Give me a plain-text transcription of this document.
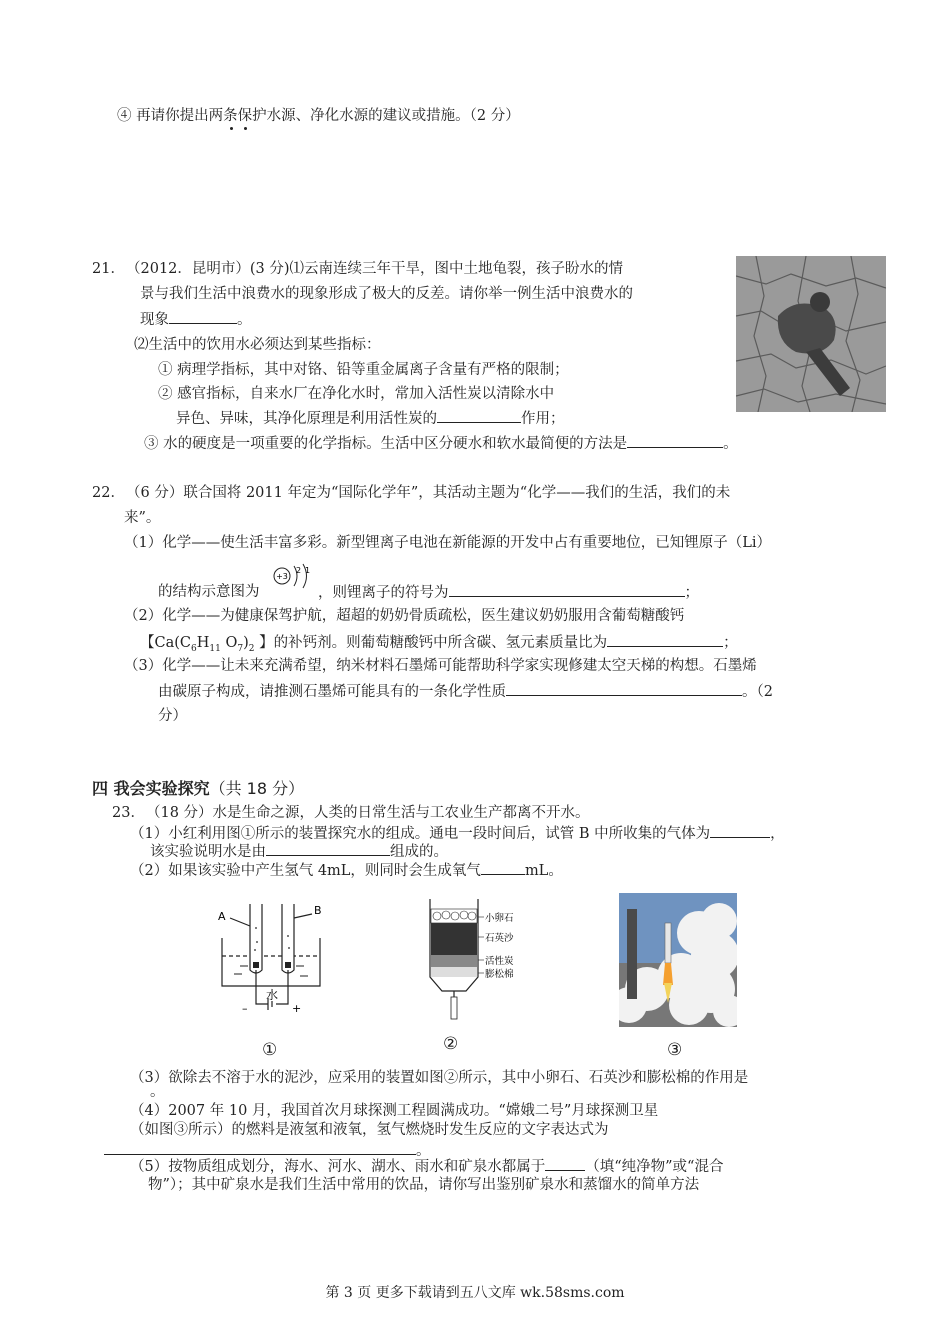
④ 再请你提出两条保护水源、净化水源的建议或措施。（2 分）
21． （2012．昆明市）(3 分)⑴云南连续三年干旱，图中土地龟裂，孩子盼水的情
景与我们生活中浪费水的现象形成了极大的反差。请你举一例生活中浪费水的
现象	。
⑵生活中的饮用水必须达到某些指标：
① 病理学指标，其中对铬、铅等重金属离子含量有严格的限制；
② 感官指标，自来水厂在净化水时，常加入活性炭以清除水中
异色、异味，其净化原理是利用活性炭的	作用；
③ 水的硬度是一项重要的化学指标。生活中区分硬水和软水最简便的方法是	。
22． （6 分）联合国将 2011 年定为“国际化学年”，其活动主题为“化学——我们的生活，我们的未
来”。
（1）化学——使生活丰富多彩。新型锂离子电池在新能源的开发中占有重要地位，已知锂原子（Li）
的结构示意图为
+3
2 1
，则锂离子的符号为	；
（2）化学——为健康保驾护航，超超的奶奶骨质疏松，医生建议奶奶服用含葡萄糖酸钙
【$Ca(C_6H_{11}$ $O_7)_2$ 】的补钙剂。则葡萄糖酸钙中所含碳、氢元素质量比为	；
（3）化学——让未来充满希望，纳米材料石墨烯可能帮助科学家实现修建太空天梯的构想。石墨烯
由碳原子构成，请推测石墨烯可能具有的一条化学性质	。（2
分）
四 我会实验探究（共 18 分）
23． （18 分）水是生命之源，人类的日常生活与工农业生产都离不开水。
（1）小红利用图①所示的装置探究水的组成。通电一段时间后，试管 B 中所收集的气体为	，
该实验说明水是由	组成的。
（2）如果该实验中产生氢气 4mL，则同时会生成氧气	mL。
A	B
水
–	+
①
小卵石
石英沙
活性炭
膨松棉
②	③
（3）欲除去不溶于水的泥沙，应采用的装置如图②所示，其中小卵石、石英沙和膨松棉的作用是
。
（4）2007 年 10 月，我国首次月球探测工程圆满成功。“嫦娥二号”月球探测卫星
（如图③所示）的燃料是液氢和液氧，氢气燃烧时发生反应的文字表达式为
。
（5）按物质组成划分，海水、河水、湖水、雨水和矿泉水都属于	（填“纯净物”或“混合
物”）；其中矿泉水是我们生活中常用的饮品，请你写出鉴别矿泉水和蒸馏水的简单方法
第 3 页 更多下载请到五八文库 wk.58sms.com
